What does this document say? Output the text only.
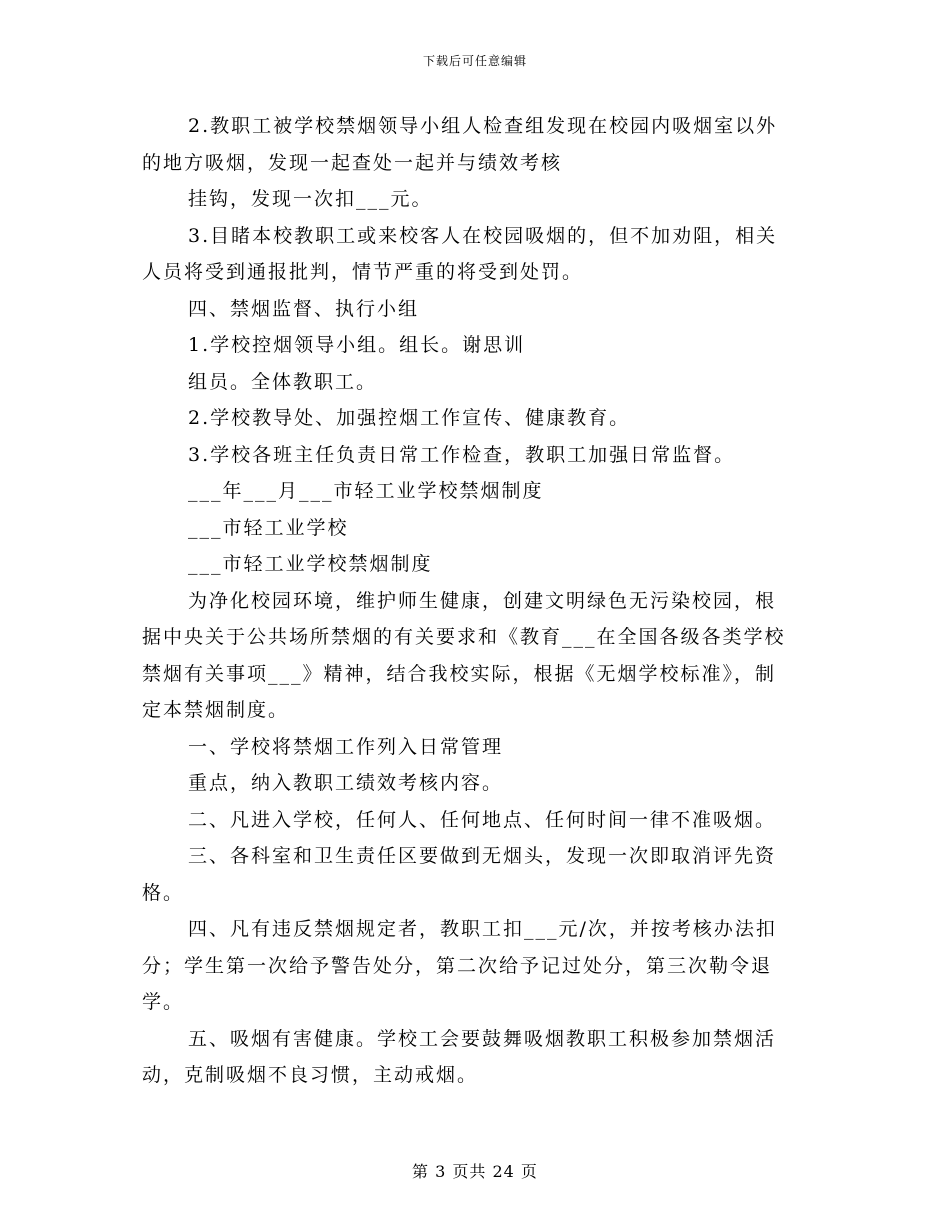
下载后可任意编辑

2.教职工被学校禁烟领导小组人检查组发现在校园内吸烟室以外

的地方吸烟，发现一起查处一起并与绩效考核

挂钩，发现一次扣___元。

3.目睹本校教职工或来校客人在校园吸烟的，但不加劝阻，相关

人员将受到通报批判，情节严重的将受到处罚。

四、禁烟监督、执行小组

1.学校控烟领导小组。组长。谢思训

组员。全体教职工。

2.学校教导处、加强控烟工作宣传、健康教育。

3.学校各班主任负责日常工作检查，教职工加强日常监督。

___年___月___市轻工业学校禁烟制度

___市轻工业学校

___市轻工业学校禁烟制度

为净化校园环境，维护师生健康，创建文明绿色无污染校园，根

据中央关于公共场所禁烟的有关要求和《教育___在全国各级各类学校

禁烟有关事项___》精神，结合我校实际，根据《无烟学校标准》，制

定本禁烟制度。

一、学校将禁烟工作列入日常管理

重点，纳入教职工绩效考核内容。

二、凡进入学校，任何人、任何地点、任何时间一律不准吸烟。

三、各科室和卫生责任区要做到无烟头，发现一次即取消评先资

格。

四、凡有违反禁烟规定者，教职工扣___元/次，并按考核办法扣

分；学生第一次给予警告处分，第二次给予记过处分，第三次勒令退

学。

五、吸烟有害健康。学校工会要鼓舞吸烟教职工积极参加禁烟活

动，克制吸烟不良习惯，主动戒烟。

第 3 页共 24 页
